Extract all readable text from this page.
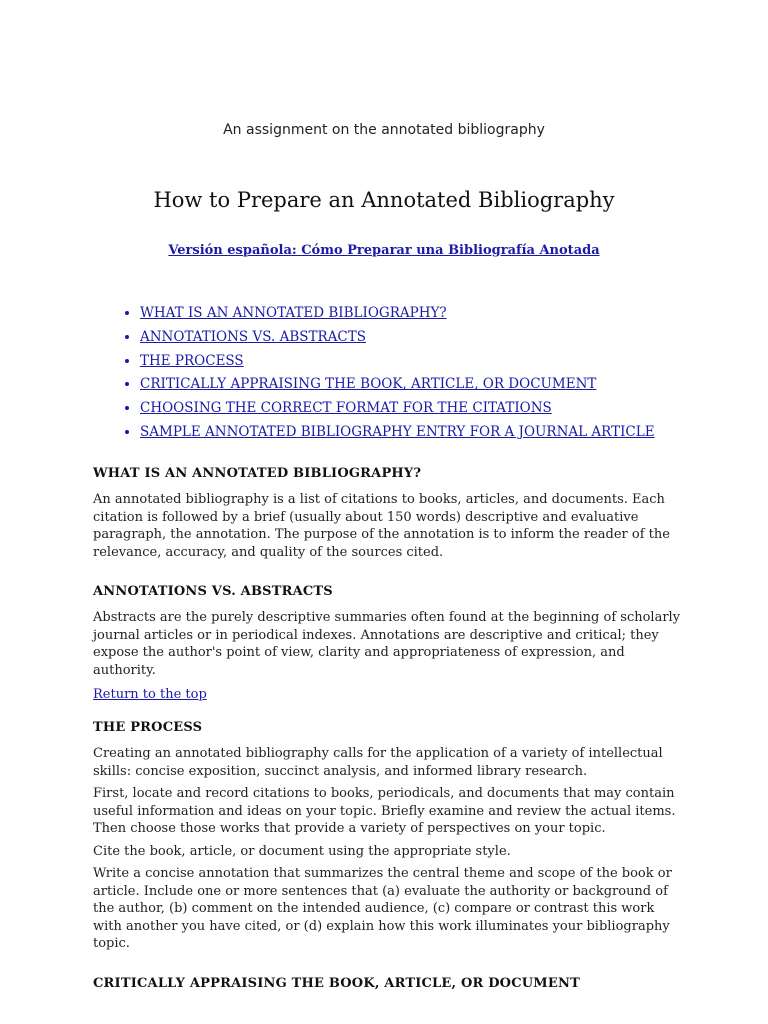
An assignment on the annotated bibliography
How to Prepare an Annotated Bibliography
Versión española: Cómo Preparar una Bibliografía Anotada
• WHAT IS AN ANNOTATED BIBLIOGRAPHY?
• ANNOTATIONS VS. ABSTRACTS
• THE PROCESS
• CRITICALLY APPRAISING THE BOOK, ARTICLE, OR DOCUMENT
• CHOOSING THE CORRECT FORMAT FOR THE CITATIONS
• SAMPLE ANNOTATED BIBLIOGRAPHY ENTRY FOR A JOURNAL ARTICLE
WHAT IS AN ANNOTATED BIBLIOGRAPHY?

An annotated bibliography is a list of citations to books, articles, and documents. Each citation is followed by a brief (usually about 150 words) descriptive and evaluative paragraph, the annotation. The purpose of the annotation is to inform the reader of the relevance, accuracy, and quality of the sources cited.

ANNOTATIONS VS. ABSTRACTS

Abstracts are the purely descriptive summaries often found at the beginning of scholarly journal articles or in periodical indexes. Annotations are descriptive and critical; they expose the author's point of view, clarity and appropriateness of expression, and authority.

Return to the top
THE PROCESS

Creating an annotated bibliography calls for the application of a variety of intellectual skills: concise exposition, succinct analysis, and informed library research.

First, locate and record citations to books, periodicals, and documents that may contain useful information and ideas on your topic. Briefly examine and review the actual items. Then choose those works that provide a variety of perspectives on your topic.

Cite the book, article, or document using the appropriate style.

Write a concise annotation that summarizes the central theme and scope of the book or article. Include one or more sentences that (a) evaluate the authority or background of the author, (b) comment on the intended audience, (c) compare or contrast this work with another you have cited, or (d) explain how this work illuminates your bibliography topic.

CRITICALLY APPRAISING THE BOOK, ARTICLE, OR DOCUMENT
